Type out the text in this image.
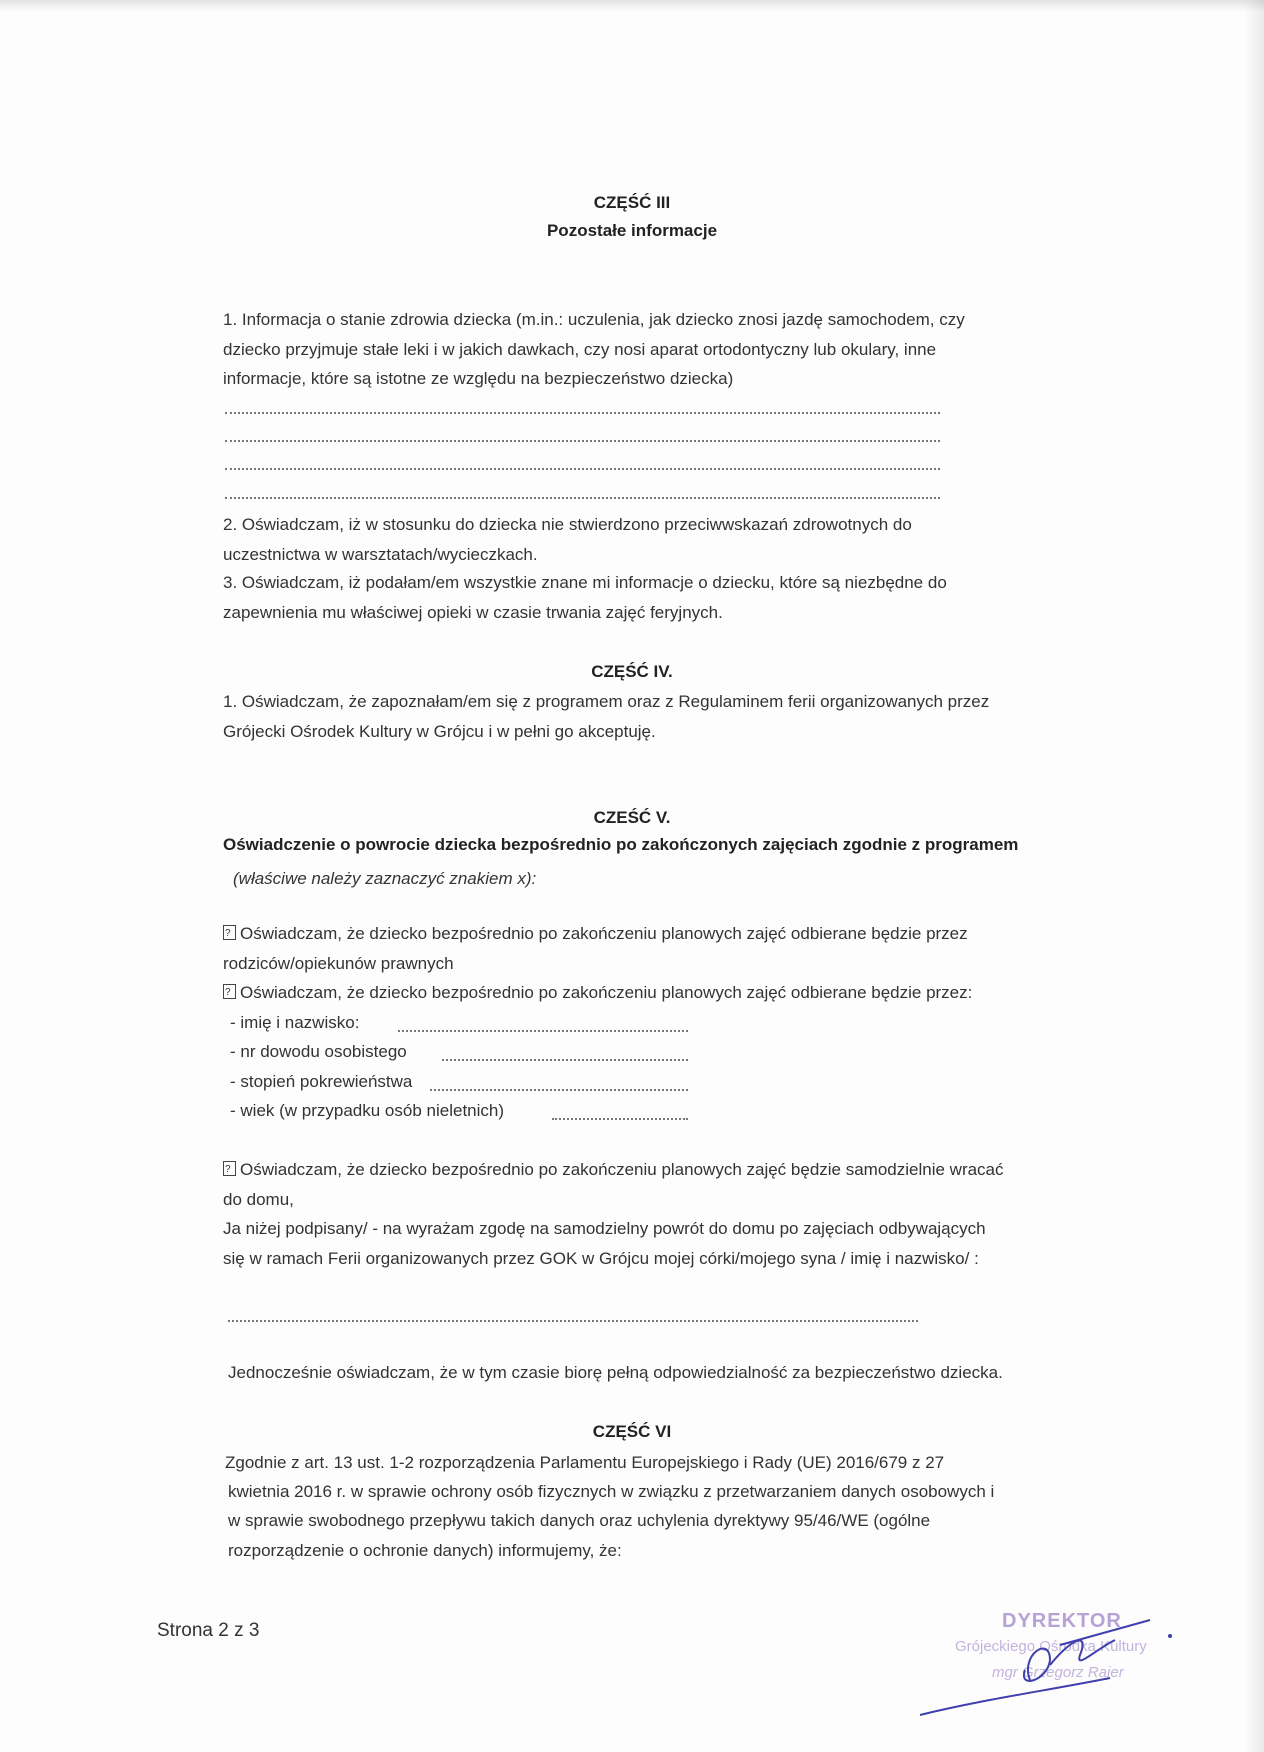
CZĘŚĆ III
Pozostałe informacje
1. Informacja o stanie zdrowia dziecka (m.in.: uczulenia, jak dziecko znosi jazdę samochodem, czy
dziecko przyjmuje stałe leki i w jakich dawkach, czy nosi aparat ortodontyczny lub okulary, inne
informacje, które są istotne ze względu na bezpieczeństwo dziecka)
2. Oświadczam, iż w stosunku do dziecka nie stwierdzono przeciwwskazań zdrowotnych do
uczestnictwa w warsztatach/wycieczkach.
3. Oświadczam, iż podałam/em wszystkie znane mi informacje o dziecku, które są niezbędne do
zapewnienia mu właściwej opieki w czasie trwania zajęć feryjnych.
CZĘŚĆ IV.
1. Oświadczam, że zapoznałam/em się z programem oraz z Regulaminem ferii organizowanych przez
Grójecki Ośrodek Kultury w Grójcu i w pełni go akceptuję.
CZEŚĆ V.
Oświadczenie o powrocie dziecka bezpośrednio po zakończonych zajęciach zgodnie z programem
(właściwe należy zaznaczyć znakiem x):
?Oświadczam, że dziecko bezpośrednio po zakończeniu planowych zajęć odbierane będzie przez
rodziców/opiekunów prawnych
?Oświadczam, że dziecko bezpośrednio po zakończeniu planowych zajęć odbierane będzie przez:
- imię i nazwisko:
- nr dowodu osobistego
- stopień pokrewieństwa
- wiek (w przypadku osób nieletnich)
?Oświadczam, że dziecko bezpośrednio po zakończeniu planowych zajęć będzie samodzielnie wracać
do domu,
Ja niżej podpisany/ - na wyrażam zgodę na samodzielny powrót do domu po zajęciach odbywających
się w ramach Ferii organizowanych przez GOK w Grójcu mojej córki/mojego syna / imię i nazwisko/ :
Jednocześnie oświadczam, że w tym czasie biorę pełną odpowiedzialność za bezpieczeństwo dziecka.
CZĘŚĆ VI
Zgodnie z art. 13 ust. 1-2 rozporządzenia Parlamentu Europejskiego i Rady (UE) 2016/679 z 27
kwietnia 2016 r. w sprawie ochrony osób fizycznych w związku z przetwarzaniem danych osobowych i
w sprawie swobodnego przepływu takich danych oraz uchylenia dyrektywy 95/46/WE (ogólne
rozporządzenie o ochronie danych) informujemy, że:
Strona 2 z 3	DYREKTOR
Grójeckiego Ośrodka Kultury
mgr Grzegorz Rajer
